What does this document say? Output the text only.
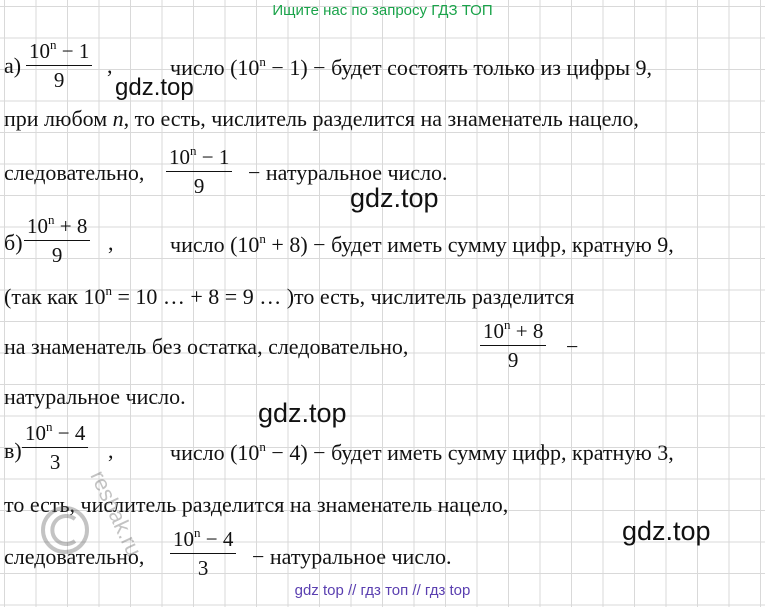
Ищите нас по запросу ГДЗ ТОП
$а) \frac{10^n - 1}{9}$ ,	число $(10^n - 1)$ − будет состоять только из цифры 9,
при любом n, то есть, числитель разделится на знаменатель нацело,
следовательно, $\frac{10^n - 1}{9}$ − натуральное число.
$б) \frac{10^n + 8}{9}$ ,	число $(10^n + 8)$ − будет иметь сумму цифр, кратную 9,
(так как $10^n = 10$ … + 8 = 9 … )то есть, числитель разделится
на знаменатель без остатка, следовательно,	$\frac{10^n + 8}{9}$ −
натуральное число.
$в) \frac{10^n - 4}{3}$ ,	число $(10^n - 4)$ − будет иметь сумму цифр, кратную 3,
то есть, числитель разделится на знаменатель нацело,
следовательно, $\frac{10^n - 4}{3}$ − натуральное число.
gdz.top
gdz.top
gdz.top
gdz.top
reshak.ru
gdz top // гдз топ // гдз top
